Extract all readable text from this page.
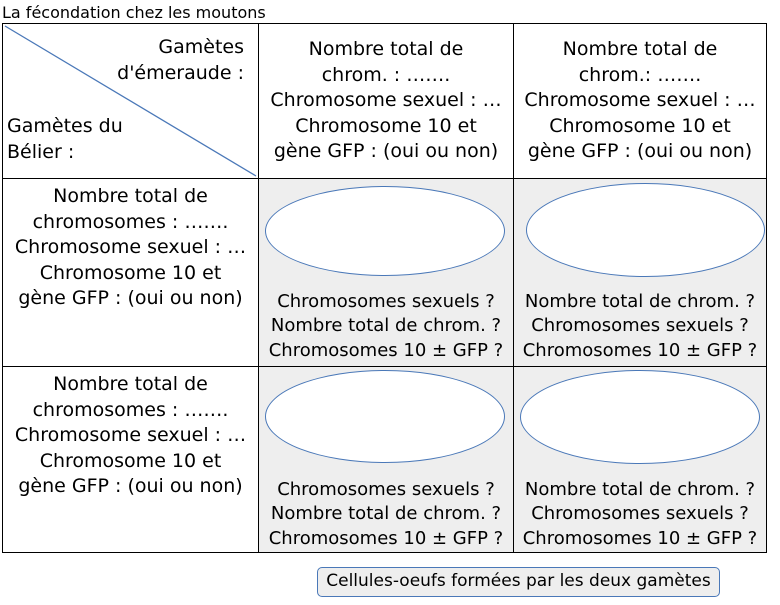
La fécondation chez les moutons
Gamètes
d'émeraude :
Gamètes du
Bélier :
Nombre total de
chrom. : …….
Chromosome sexuel : …
Chromosome 10 et
gène GFP : (oui ou non)
Nombre total de
chrom.: …….
Chromosome sexuel : …
Chromosome 10 et
gène GFP : (oui ou non)
Nombre total de
chromosomes : …….
Chromosome sexuel : …
Chromosome 10 et
gène GFP : (oui ou non)	Chromosomes sexuels ?
Nombre total de chrom. ?
Chromosomes 10 ± GFP ?
Nombre total de chrom. ?
Chromosomes sexuels ?
Chromosomes 10 ± GFP ?
Nombre total de
chromosomes : …….
Chromosome sexuel : …
Chromosome 10 et
gène GFP : (oui ou non)	Chromosomes sexuels ?
Nombre total de chrom. ?
Chromosomes 10 ± GFP ?
Nombre total de chrom. ?
Chromosomes sexuels ?
Chromosomes 10 ± GFP ?
Cellules-oeufs formées par les deux gamètes
